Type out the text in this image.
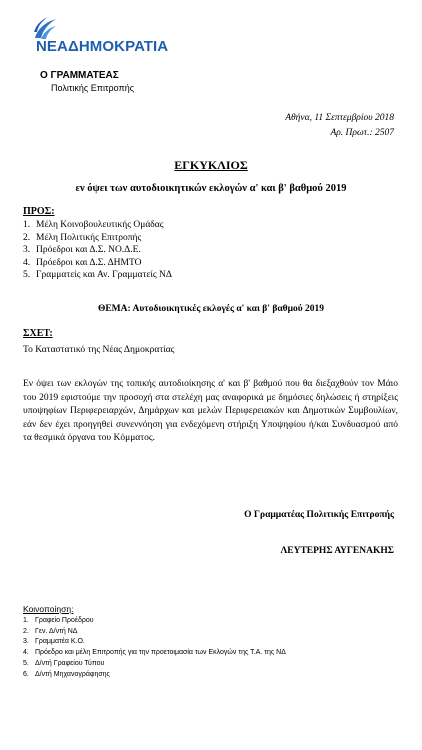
ΝΕΑΔΗΜΟΚΡΑΤΙΑ
Ο ΓΡΑΜΜΑΤΕΑΣ
Πολιτικής Επιτροπής
Αθήνα, 11 Σεπτεμβρίου 2018
Αρ. Πρωτ.: 2507
ΕΓΚΥΚΛΙΟΣ
εν όψει των αυτοδιοικητικών εκλογών α' και β' βαθμού 2019
ΠΡΟΣ:
1. Μέλη Κοινοβουλευτικής Ομάδας
2. Μέλη Πολιτικής Επιτροπής
3. Πρόεδροι και Δ.Σ. ΝΟ.Δ.Ε.
4. Πρόεδροι και Δ.Σ. ΔΗΜΤΟ
5. Γραμματείς και Αν. Γραμματείς ΝΔ
ΘΕΜΑ: Αυτοδιοικητικές εκλογές α' και β' βαθμού 2019
ΣΧΕΤ:
Το Καταστατικό της Νέας Δημοκρατίας
Εν όψει των εκλογών της τοπικής αυτοδιοίκησης α' και β' βαθμού που θα διεξαχθούν τον Μάιο του 2019 εφιστούμε την προσοχή στα στελέχη μας αναφορικά με δημόσιες δηλώσεις ή στηρίξεις υποψηφίων Περιφερειαρχών, Δημάρχων και μελών Περιφερειακών και Δημοτικών Συμβουλίων, εάν δεν έχει προηγηθεί συνεννόηση για ενδεχόμενη στήριξη Υποψηφίου ή/και Συνδυασμού από τα θεσμικά όργανα του Κόμματος.
Ο Γραμματέας Πολιτικής Επιτροπής
ΛΕΥΤΕΡΗΣ ΑΥΓΕΝΑΚΗΣ
Κοινοποίηση:
1. Γραφείο Προέδρου
2. Γεν. Δ/ντή ΝΔ
3. Γραμματέα Κ.Ο.
4. Πρόεδρο και μέλη Επιτροπής για την προετοιμασία των Εκλογών της Τ.Α. της ΝΔ
5. Δ/ντή Γραφείου Τύπου
6. Δ/ντή Μηχανογράφησης
